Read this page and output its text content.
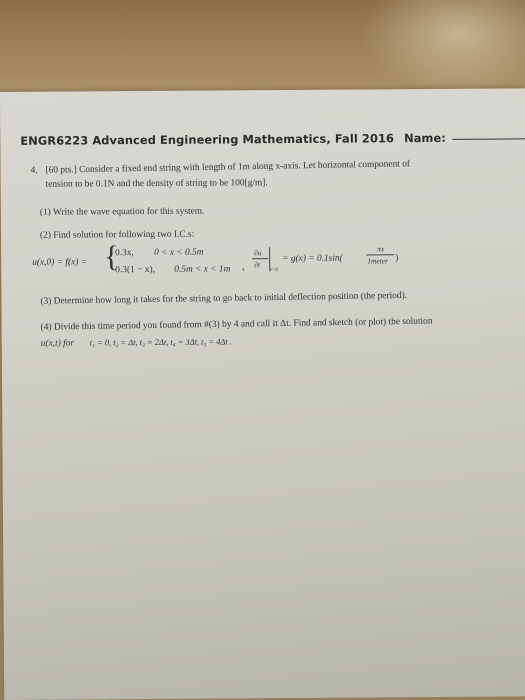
ENGR6223 Advanced Engineering Mathematics, Fall 2016 Name:
4. [60 pts.] Consider a fixed end string with length of 1m along x-axis. Let horizontal component of
tension to be 0.1N and the density of string to be 100[g/m].
(1) Write the wave equation for this system.
(2) Find solution for following two I.C.s:
u(x,0) = f(x) = {
0.3x, 0 < x < 0.5m
0.3(1 − x), 0.5m < x < 1m ,
∂u
∂t
t=0
= g(x) = 0.1sin(
πx
1meter )
(3) Determine how long it takes for the string to go back to initial deflection position (the period).
(4) Divide this time period you found from #(3) by 4 and call it Δt. Find and sketch (or plot) the solution
u(x,t) for t₁ = 0, t₂ = Δt, t₃ = 2Δt, t₄ = 3Δt, t₅ = 4Δt .
